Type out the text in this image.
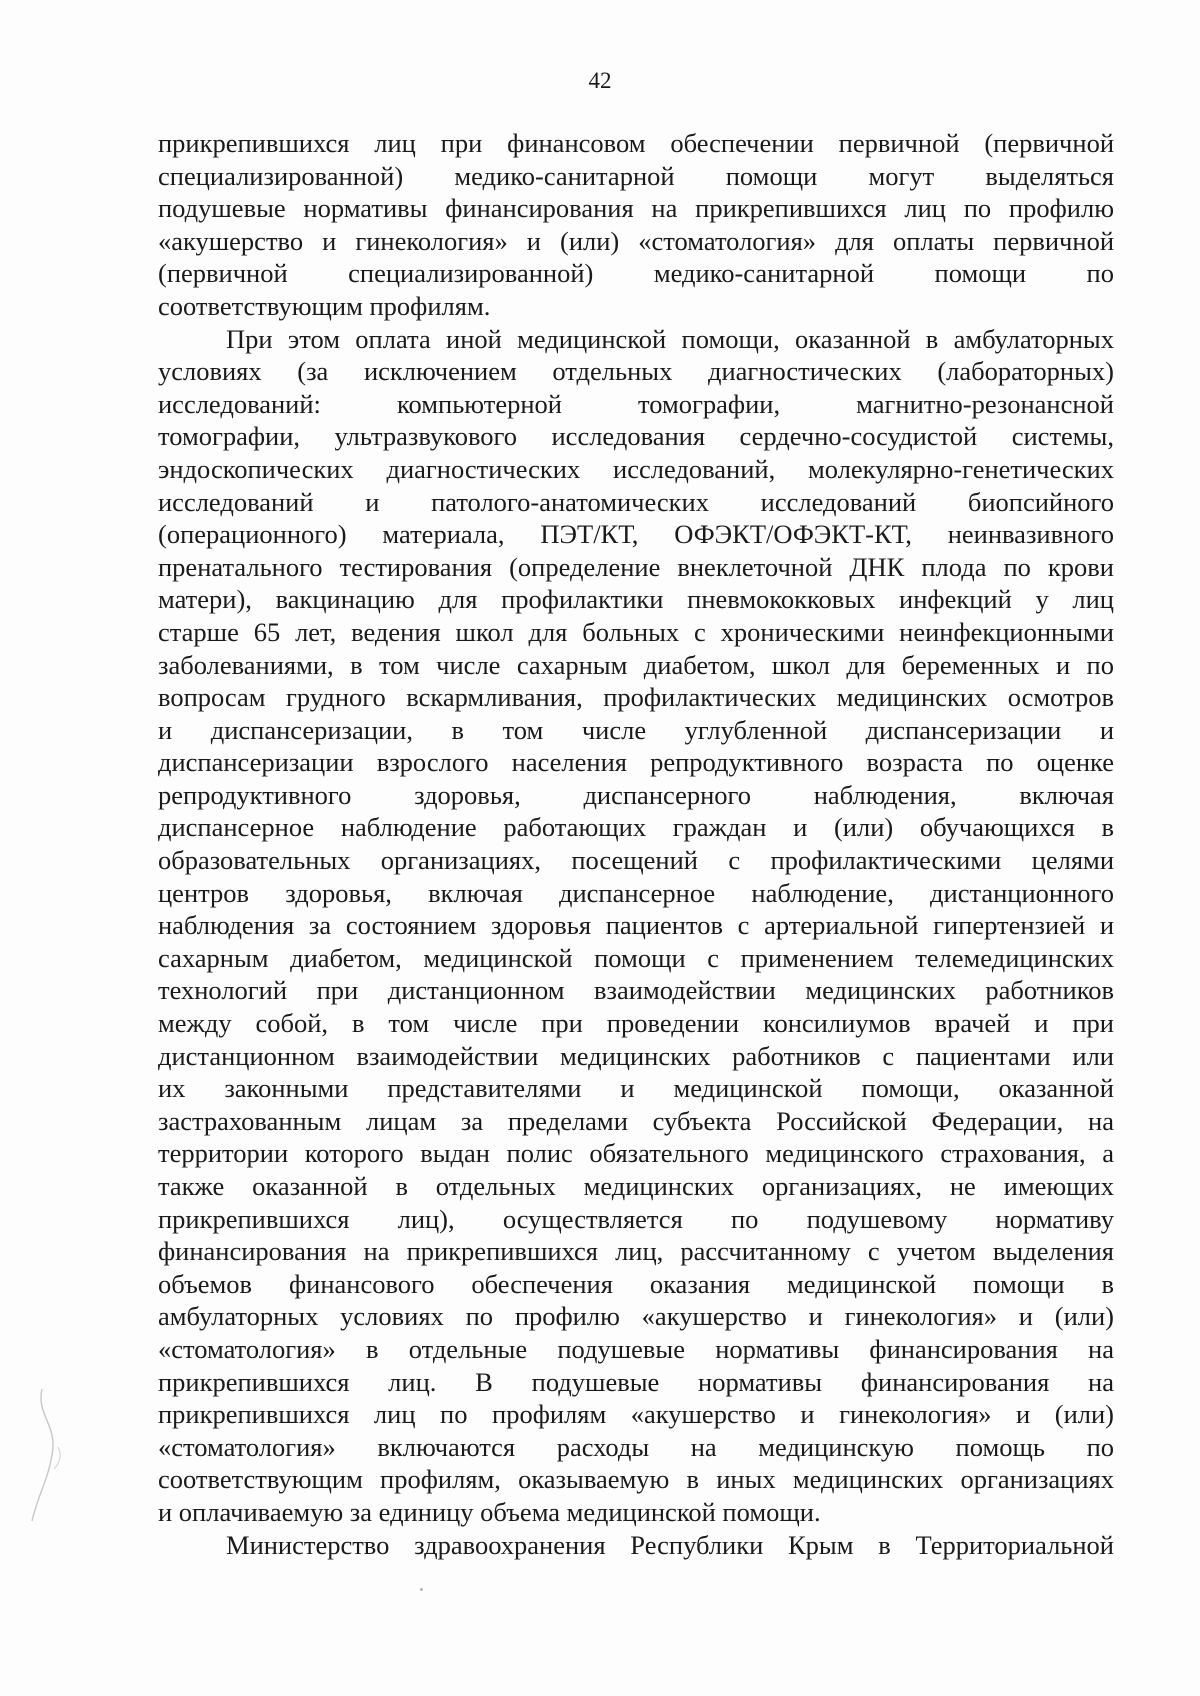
42
прикрепившихся лиц при финансовом обеспечении первичной (первичной
специализированной) медико-санитарной помощи могут выделяться
подушевые нормативы финансирования на прикрепившихся лиц по профилю
«акушерство и гинекология» и (или) «стоматология» для оплаты первичной
(первичной специализированной) медико-санитарной помощи по
соответствующим профилям.
При этом оплата иной медицинской помощи, оказанной в амбулаторных
условиях (за исключением отдельных диагностических (лабораторных)
исследований: компьютерной томографии, магнитно-резонансной
томографии, ультразвукового исследования сердечно-сосудистой системы,
эндоскопических диагностических исследований, молекулярно-генетических
исследований и патолого-анатомических исследований биопсийного
(операционного) материала, ПЭТ/КТ, ОФЭКТ/ОФЭКТ-КТ, неинвазивного
пренатального тестирования (определение внеклеточной ДНК плода по крови
матери), вакцинацию для профилактики пневмококковых инфекций у лиц
старше 65 лет, ведения школ для больных с хроническими неинфекционными
заболеваниями, в том числе сахарным диабетом, школ для беременных и по
вопросам грудного вскармливания, профилактических медицинских осмотров
и диспансеризации, в том числе углубленной диспансеризации и
диспансеризации взрослого населения репродуктивного возраста по оценке
репродуктивного здоровья, диспансерного наблюдения, включая
диспансерное наблюдение работающих граждан и (или) обучающихся в
образовательных организациях, посещений с профилактическими целями
центров здоровья, включая диспансерное наблюдение, дистанционного
наблюдения за состоянием здоровья пациентов с артериальной гипертензией и
сахарным диабетом, медицинской помощи с применением телемедицинских
технологий при дистанционном взаимодействии медицинских работников
между собой, в том числе при проведении консилиумов врачей и при
дистанционном взаимодействии медицинских работников с пациентами или
их законными представителями и медицинской помощи, оказанной
застрахованным лицам за пределами субъекта Российской Федерации, на
территории которого выдан полис обязательного медицинского страхования, а
также оказанной в отдельных медицинских организациях, не имеющих
прикрепившихся лиц), осуществляется по подушевому нормативу
финансирования на прикрепившихся лиц, рассчитанному с учетом выделения
объемов финансового обеспечения оказания медицинской помощи в
амбулаторных условиях по профилю «акушерство и гинекология» и (или)
«стоматология» в отдельные подушевые нормативы финансирования на
прикрепившихся лиц. В подушевые нормативы финансирования на
прикрепившихся лиц по профилям «акушерство и гинекология» и (или)
«стоматология» включаются расходы на медицинскую помощь по
соответствующим профилям, оказываемую в иных медицинских организациях
и оплачиваемую за единицу объема медицинской помощи.
Министерство здравоохранения Республики Крым в Территориальной
